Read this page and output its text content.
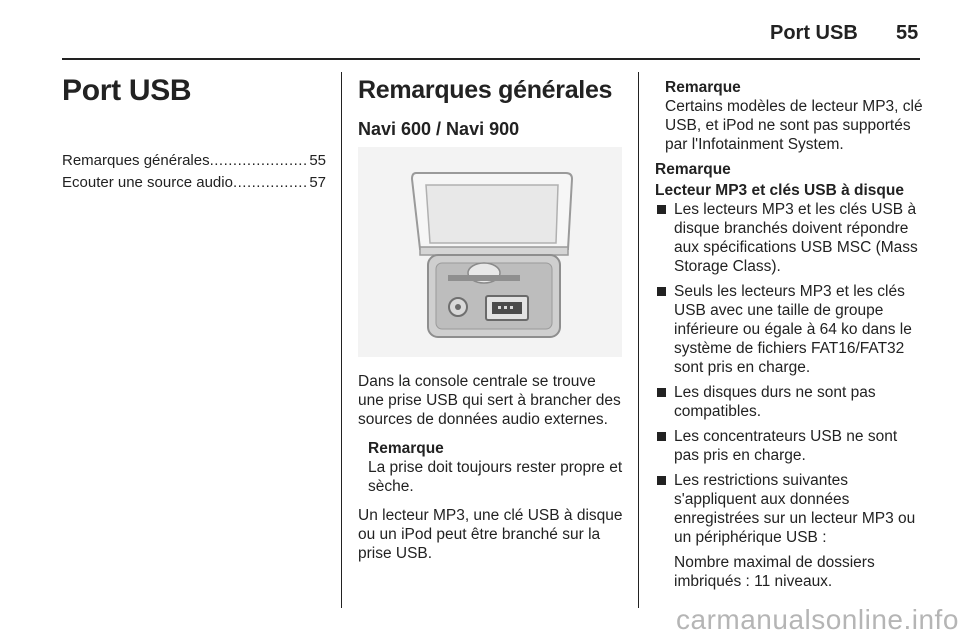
Port USB 55
Port USB
Remarques générales .....	55
Ecouter une source audio .....	57
Remarques générales
Navi 600 / Navi 900
Dans la console centrale se trouve une prise USB qui sert à brancher des sources de données audio externes.
Remarque
La prise doit toujours rester propre et sèche.
Un lecteur MP3, une clé USB à disque ou un iPod peut être branché sur la prise USB.
Remarque
Certains modèles de lecteur MP3, clé USB, et iPod ne sont pas supportés par l'Infotainment System.
Remarque
Lecteur MP3 et clés USB à disque
Les lecteurs MP3 et les clés USB à disque branchés doivent répondre aux spécifications USB MSC (Mass Storage Class).
Seuls les lecteurs MP3 et les clés USB avec une taille de groupe inférieure ou égale à 64 ko dans le système de fichiers FAT16/FAT32 sont pris en charge.
Les disques durs ne sont pas compatibles.
Les concentrateurs USB ne sont pas pris en charge.
Les restrictions suivantes s'appliquent aux données enregistrées sur un lecteur MP3 ou un périphérique USB :
Nombre maximal de dossiers imbriqués : 11 niveaux.
carmanualsonline.info
